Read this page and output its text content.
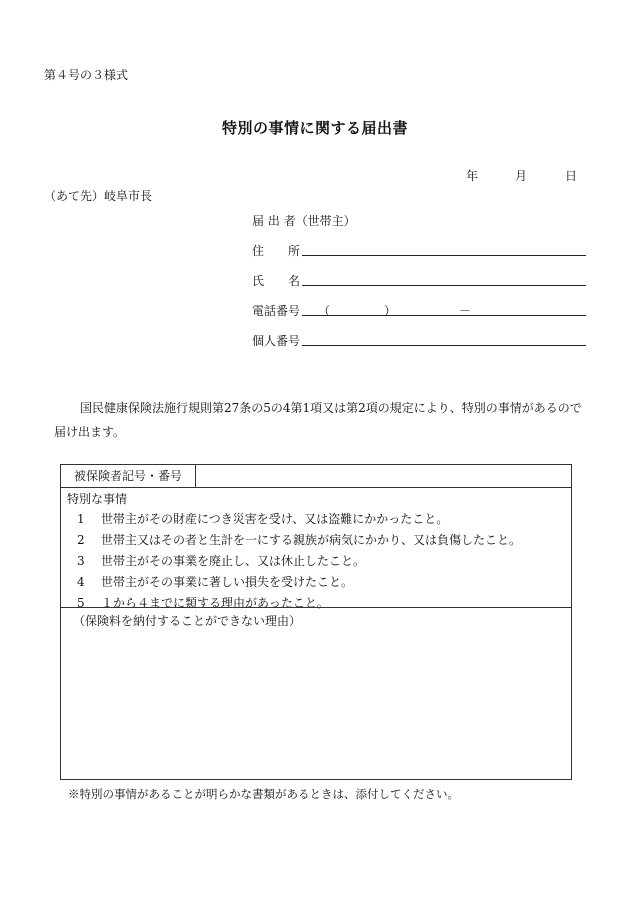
第４号の３様式
特別の事情に関する届出書
年	月	日
（あて先）岐阜市長
届 出 者（世帯主）
住　　所
氏　　名
電話番号 （	）	－
個人番号
国民健康保険法施行規則第27条の5の4第1項又は第2項の規定により、特別の事情があるので
届け出ます。
被保険者記号・番号
特別な事情
1 世帯主がその財産につき災害を受け、又は盗難にかかったこと。
2 世帯主又はその者と生計を一にする親族が病気にかかり、又は負傷したこと。
3 世帯主がその事業を廃止し、又は休止したこと。
4 世帯主がその事業に著しい損失を受けたこと。
5 １から４までに類する理由があったこと。
（保険料を納付することができない理由）
※特別の事情があることが明らかな書類があるときは、添付してください。
